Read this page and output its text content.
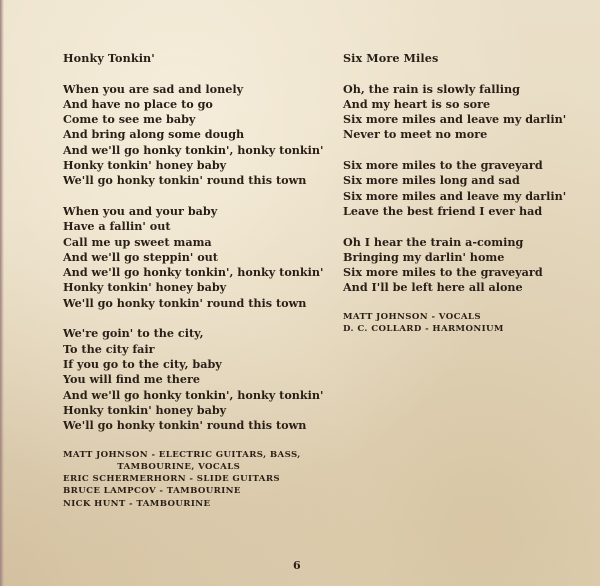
Honky Tonkin'
When you are sad and lonely
And have no place to go
Come to see me baby
And bring along some dough
And we'll go honky tonkin', honky tonkin'
Honky tonkin' honey baby
We'll go honky tonkin' round this town
When you and your baby
Have a fallin' out
Call me up sweet mama
And we'll go steppin' out
And we'll go honky tonkin', honky tonkin'
Honky tonkin' honey baby
We'll go honky tonkin' round this town
We're goin' to the city,
To the city fair
If you go to the city, baby
You will find me there
And we'll go honky tonkin', honky tonkin'
Honky tonkin' honey baby
We'll go honky tonkin' round this town
MATT JOHNSON - ELECTRIC GUITARS, BASS,
TAMBOURINE, VOCALS
ERIC SCHERMERHORN - SLIDE GUITARS
BRUCE LAMPCOV - TAMBOURINE
NICK HUNT - TAMBOURINE
Six More Miles
Oh, the rain is slowly falling
And my heart is so sore
Six more miles and leave my darlin'
Never to meet no more
Six more miles to the graveyard
Six more miles long and sad
Six more miles and leave my darlin'
Leave the best friend I ever had
Oh I hear the train a-coming
Bringing my darlin' home
Six more miles to the graveyard
And I'll be left here all alone
MATT JOHNSON - VOCALS
D. C. COLLARD - HARMONIUM
6
